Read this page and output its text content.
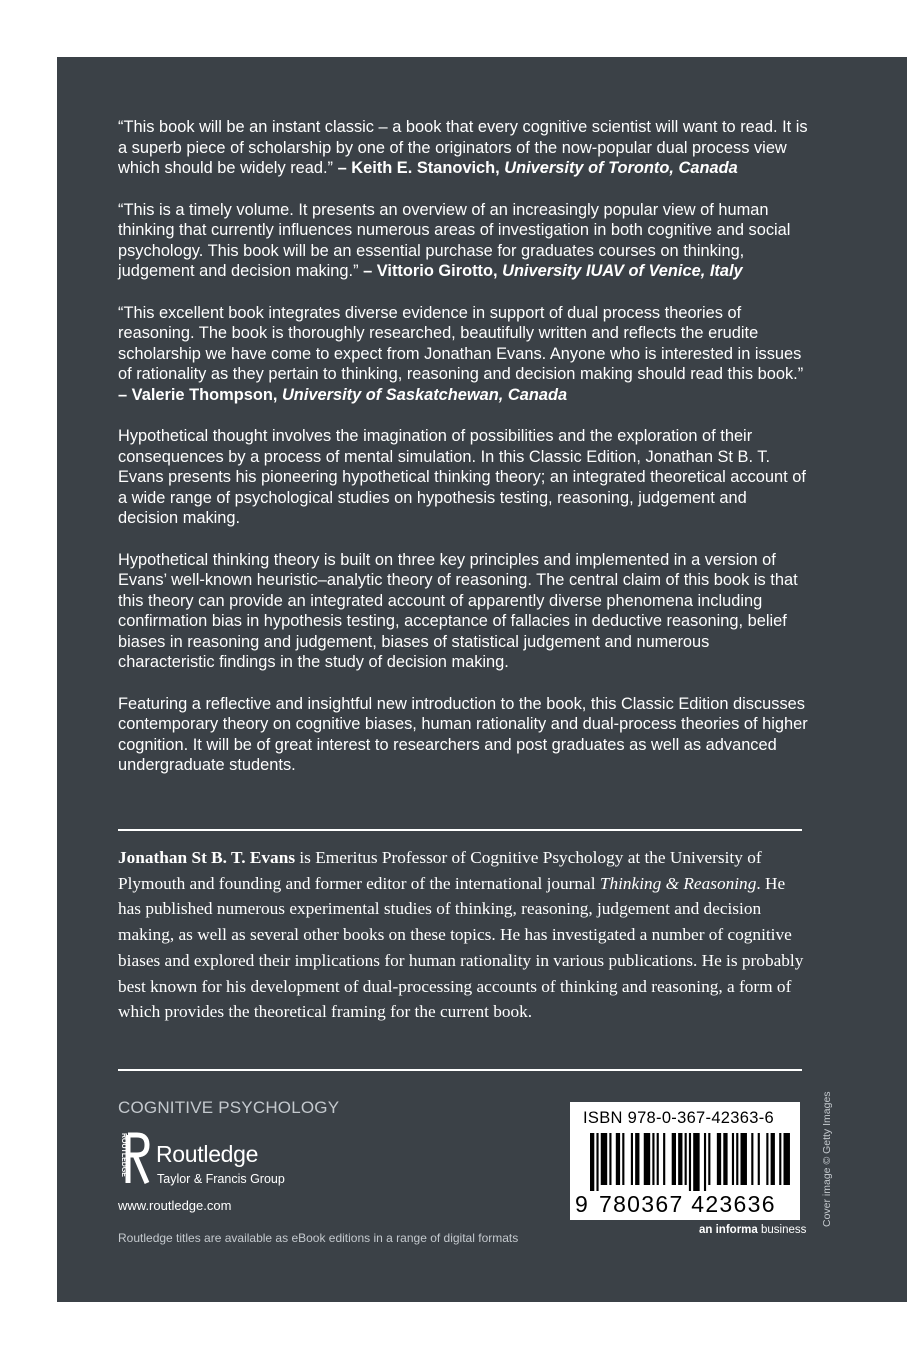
“This book will be an instant classic – a book that every cognitive scientist will want to read. It is a superb piece of scholarship by one of the originators of the now-popular dual process view which should be widely read.” – Keith E. Stanovich, University of Toronto, Canada

“This is a timely volume. It presents an overview of an increasingly popular view of human thinking that currently influences numerous areas of investigation in both cognitive and social psychology. This book will be an essential purchase for graduates courses on thinking, judgement and decision making.” – Vittorio Girotto, University IUAV of Venice, Italy

“This excellent book integrates diverse evidence in support of dual process theories of reasoning. The book is thoroughly researched, beautifully written and reflects the erudite scholarship we have come to expect from Jonathan Evans. Anyone who is interested in issues of rationality as they pertain to thinking, reasoning and decision making should read this book.” – Valerie Thompson, University of Saskatchewan, Canada

Hypothetical thought involves the imagination of possibilities and the exploration of their consequences by a process of mental simulation. In this Classic Edition, Jonathan St B. T. Evans presents his pioneering hypothetical thinking theory; an integrated theoretical account of a wide range of psychological studies on hypothesis testing, reasoning, judgement and decision making.

Hypothetical thinking theory is built on three key principles and implemented in a version of Evans’ well-known heuristic–analytic theory of reasoning. The central claim of this book is that this theory can provide an integrated account of apparently diverse phenomena including confirmation bias in hypothesis testing, acceptance of fallacies in deductive reasoning, belief biases in reasoning and judgement, biases of statistical judgement and numerous characteristic findings in the study of decision making.

Featuring a reflective and insightful new introduction to the book, this Classic Edition discusses contemporary theory on cognitive biases, human rationality and dual-process theories of higher cognition. It will be of great interest to researchers and post graduates as well as advanced undergraduate students.

Jonathan St B. T. Evans is Emeritus Professor of Cognitive Psychology at the University of Plymouth and founding and former editor of the international journal Thinking & Reasoning. He has published numerous experimental studies of thinking, reasoning, judgement and decision making, as well as several other books on these topics. He has investigated a number of cognitive biases and explored their implications for human rationality in various publications. He is probably best known for his development of dual-processing accounts of thinking and reasoning, a form of which provides the theoretical framing for the current book.
COGNITIVE PSYCHOLOGY
ROUTLEDGE Routledge
Taylor & Francis Group
www.routledge.com
Routledge titles are available as eBook editions in a range of digital formats
ISBN 978-0-367-42363-6
9 780367 423636
an informa business
Cover image © Getty Images
